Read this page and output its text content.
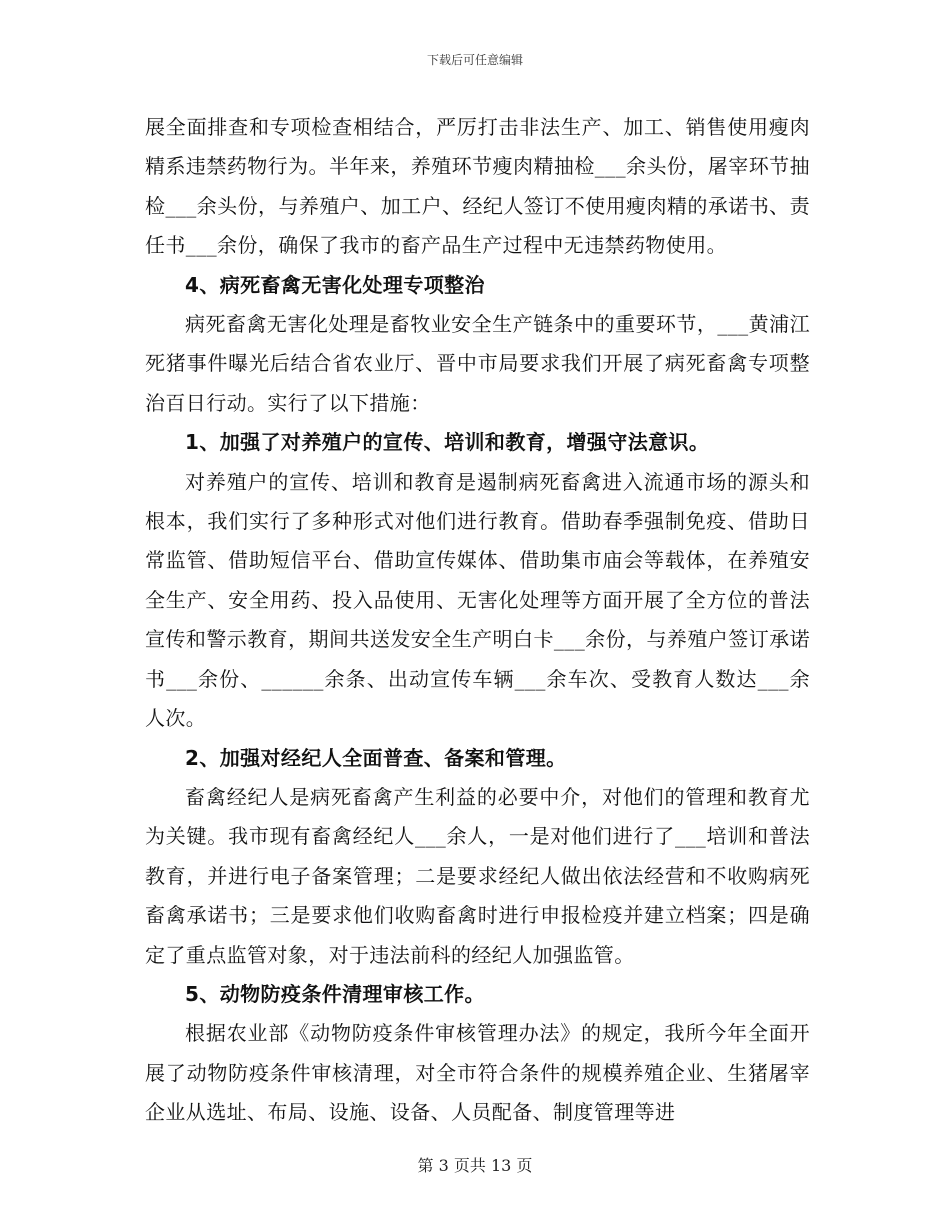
下载后可任意编辑

展全面排查和专项检查相结合，严厉打击非法生产、加工、销售使用瘦肉精系违禁药物行为。半年来，养殖环节瘦肉精抽检___余头份，屠宰环节抽检___余头份，与养殖户、加工户、经纪人签订不使用瘦肉精的承诺书、责任书___余份，确保了我市的畜产品生产过程中无违禁药物使用。

4、病死畜禽无害化处理专项整治

病死畜禽无害化处理是畜牧业安全生产链条中的重要环节，___黄浦江死猪事件曝光后结合省农业厅、晋中市局要求我们开展了病死畜禽专项整治百日行动。实行了以下措施：

1、加强了对养殖户的宣传、培训和教育，增强守法意识。

对养殖户的宣传、培训和教育是遏制病死畜禽进入流通市场的源头和根本，我们实行了多种形式对他们进行教育。借助春季强制免疫、借助日常监管、借助短信平台、借助宣传媒体、借助集市庙会等载体，在养殖安全生产、安全用药、投入品使用、无害化处理等方面开展了全方位的普法宣传和警示教育，期间共送发安全生产明白卡___余份，与养殖户签订承诺书___余份、______余条、出动宣传车辆___余车次、受教育人数达___余人次。

2、加强对经纪人全面普查、备案和管理。

畜禽经纪人是病死畜禽产生利益的必要中介，对他们的管理和教育尤为关键。我市现有畜禽经纪人___余人，一是对他们进行了___培训和普法教育，并进行电子备案管理；二是要求经纪人做出依法经营和不收购病死畜禽承诺书；三是要求他们收购畜禽时进行申报检疫并建立档案；四是确定了重点监管对象，对于违法前科的经纪人加强监管。

5、动物防疫条件清理审核工作。

根据农业部《动物防疫条件审核管理办法》的规定，我所今年全面开展了动物防疫条件审核清理，对全市符合条件的规模养殖企业、生猪屠宰企业从选址、布局、设施、设备、人员配备、制度管理等进

第 3 页共 13 页
